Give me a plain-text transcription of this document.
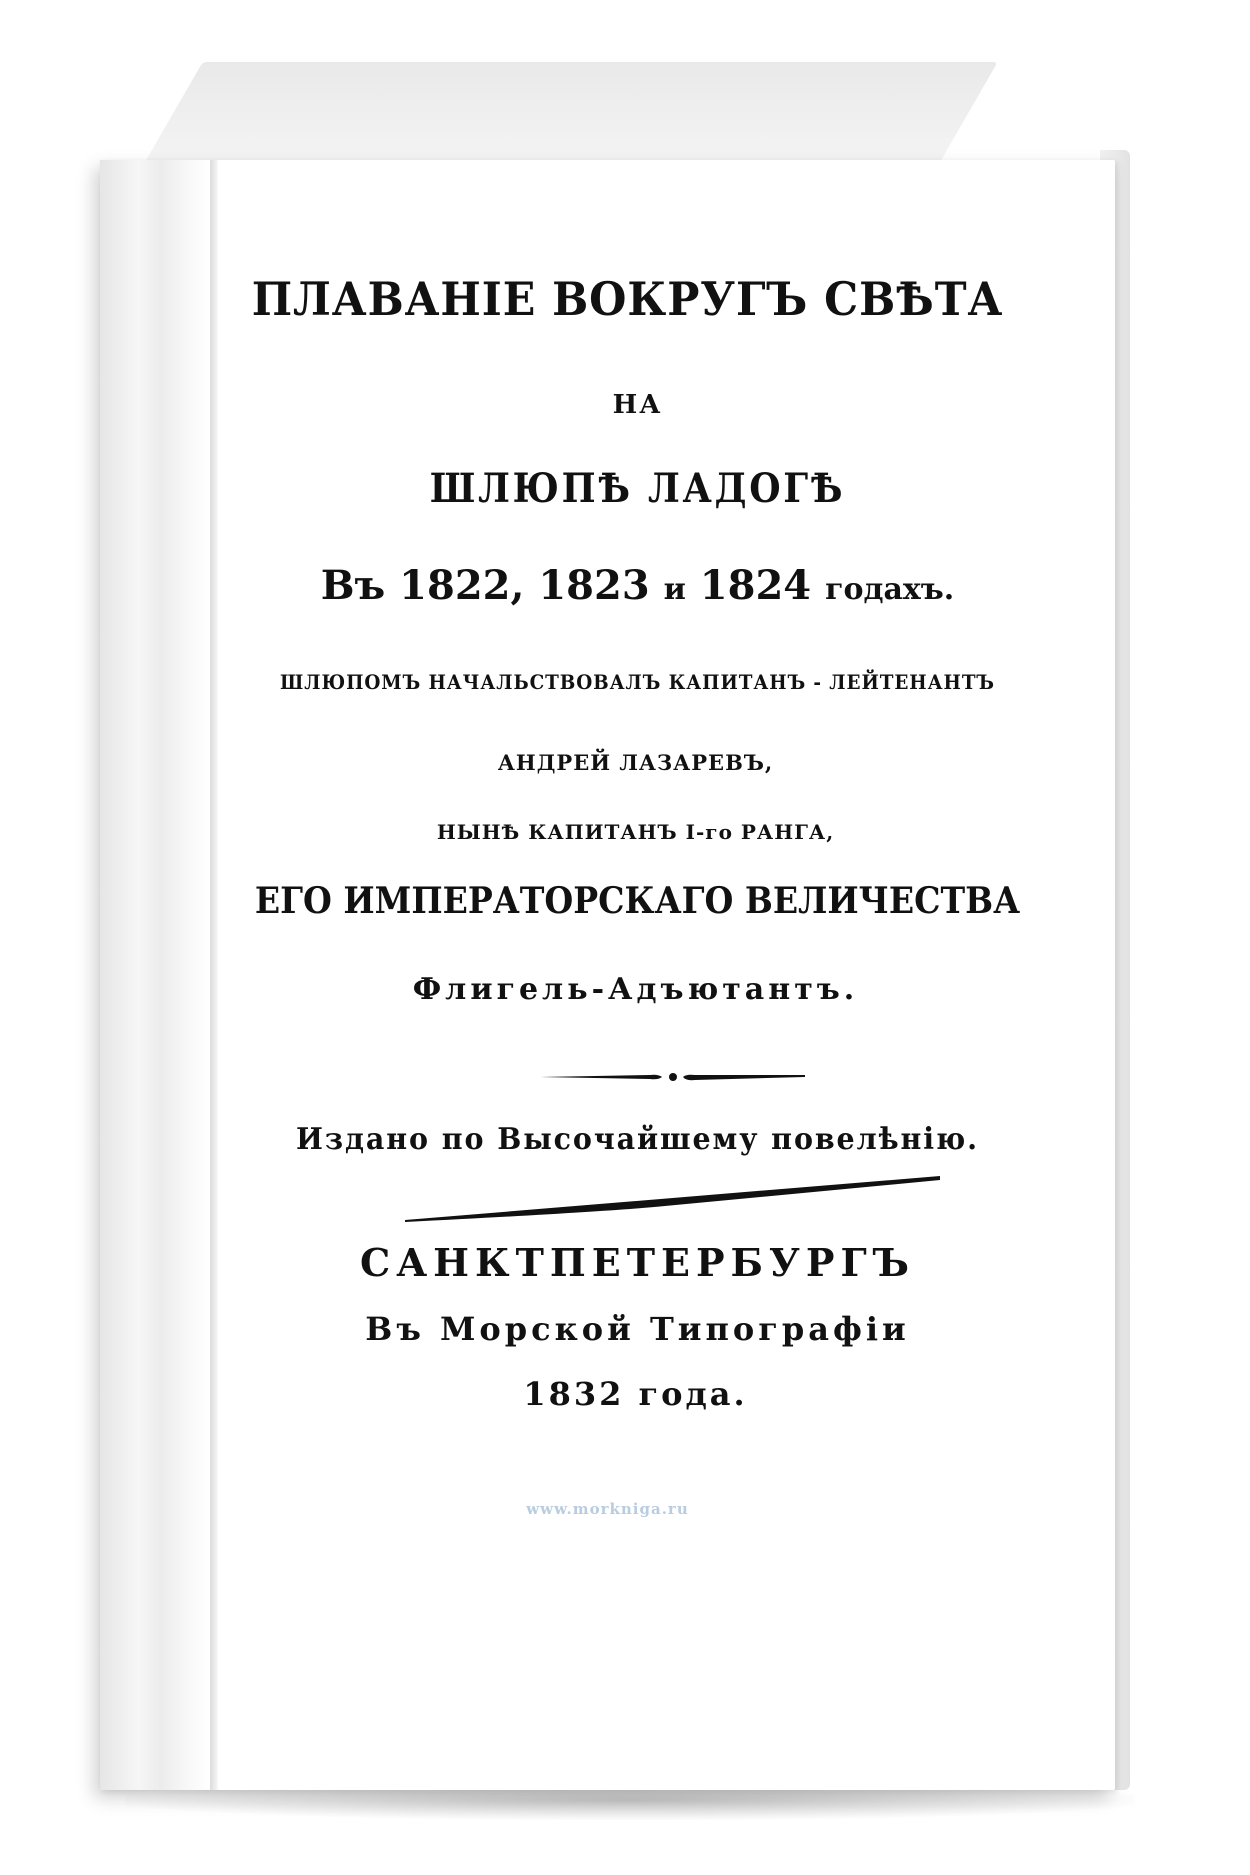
ПЛАВАНIЕ ВОКРУГЪ СВѢТА
НА
ШЛЮПѢ ЛАДОГѢ
Въ 1822, 1823 и 1824 годахъ.
ШЛЮПОМЪ НАЧАЛЬСТВОВАЛЪ КАПИТАНЪ - ЛЕЙТЕНАНТЪ
АНДРЕЙ ЛАЗАРЕВЪ,
НЫНѢ КАПИТАНЪ I-го РАНГА,
ЕГО ИМПЕРАТОРСКАГО ВЕЛИЧЕСТВА
Флигель-Адъютантъ.
Издано по Высочайшему повелѣнiю.
САНКТПЕТЕРБУРГЪ
Въ Морской Типографiи
1832 года.
www.morkniga.ru
